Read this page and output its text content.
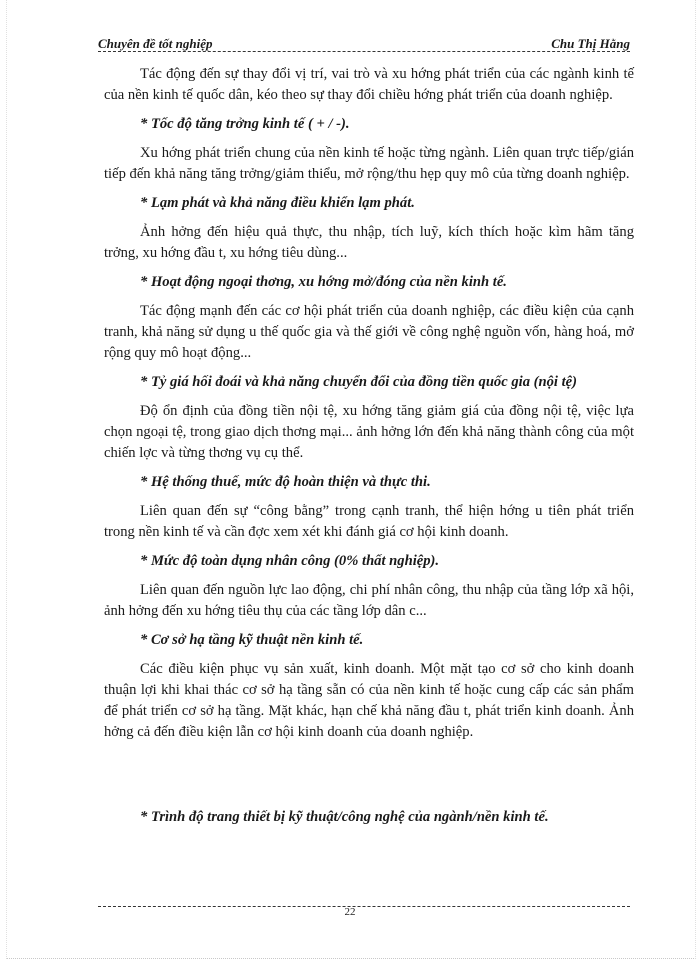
Chuyên đề tốt nghiệp	Chu Thị Hằng

Tác động đến sự thay đổi vị trí, vai trò và xu hớng phát triển của các ngành kinh tế của nền kinh tế quốc dân, kéo theo sự thay đổi chiều hớng phát triển của doanh nghiệp.

* Tốc độ tăng trởng kinh tế ( + / -).

Xu hớng phát triển chung của nền kinh tế hoặc từng ngành. Liên quan trực tiếp/gián tiếp đến khả năng tăng trởng/giảm thiểu, mở rộng/thu hẹp quy mô của từng doanh nghiệp.

* Lạm phát và khả năng điều khiển lạm phát.

Ảnh hởng đến hiệu quả thực, thu nhập, tích luỹ, kích thích hoặc kìm hãm tăng trởng, xu hớng đầu t, xu hớng tiêu dùng...

* Hoạt động ngoại thơng, xu hớng mở/đóng của nền kinh tế.

Tác động mạnh đến các cơ hội phát triển của doanh nghiệp, các điều kiện của cạnh tranh, khả năng sử dụng u thế quốc gia và thế giới về công nghệ nguồn vốn, hàng hoá, mở rộng quy mô hoạt động...

* Tỷ giá hối đoái và khả năng chuyển đổi của đồng tiền quốc gia (nội tệ)

Độ ổn định của đồng tiền nội tệ, xu hớng tăng giảm giá của đồng nội tệ, việc lựa chọn ngoại tệ, trong giao dịch thơng mại... ảnh hởng lớn đến khả năng thành công của một chiến lợc và từng thơng vụ cụ thể.

* Hệ thống thuế, mức độ hoàn thiện và thực thi.

Liên quan đến sự “công bằng” trong cạnh tranh, thể hiện hớng u tiên phát triển trong nền kinh tế và cần đợc xem xét khi đánh giá cơ hội kinh doanh.

* Mức độ toàn dụng nhân công (0% thất nghiệp).

Liên quan đến nguồn lực lao động, chi phí nhân công, thu nhập của tầng lớp xã hội, ảnh hởng đến xu hớng tiêu thụ của các tầng lớp dân c...

* Cơ sở hạ tầng kỹ thuật nền kinh tế.

Các điều kiện phục vụ sản xuất, kinh doanh. Một mặt tạo cơ sở cho kinh doanh thuận lợi khi khai thác cơ sở hạ tầng sẵn có của nền kinh tế hoặc cung cấp các sản phẩm để phát triển cơ sở hạ tầng. Mặt khác, hạn chế khả năng đầu t, phát triển kinh doanh. Ảnh hởng cả đến điều kiện lẫn cơ hội kinh doanh của doanh nghiệp.

* Trình độ trang thiết bị kỹ thuật/công nghệ của ngành/nền kinh tế.

22
